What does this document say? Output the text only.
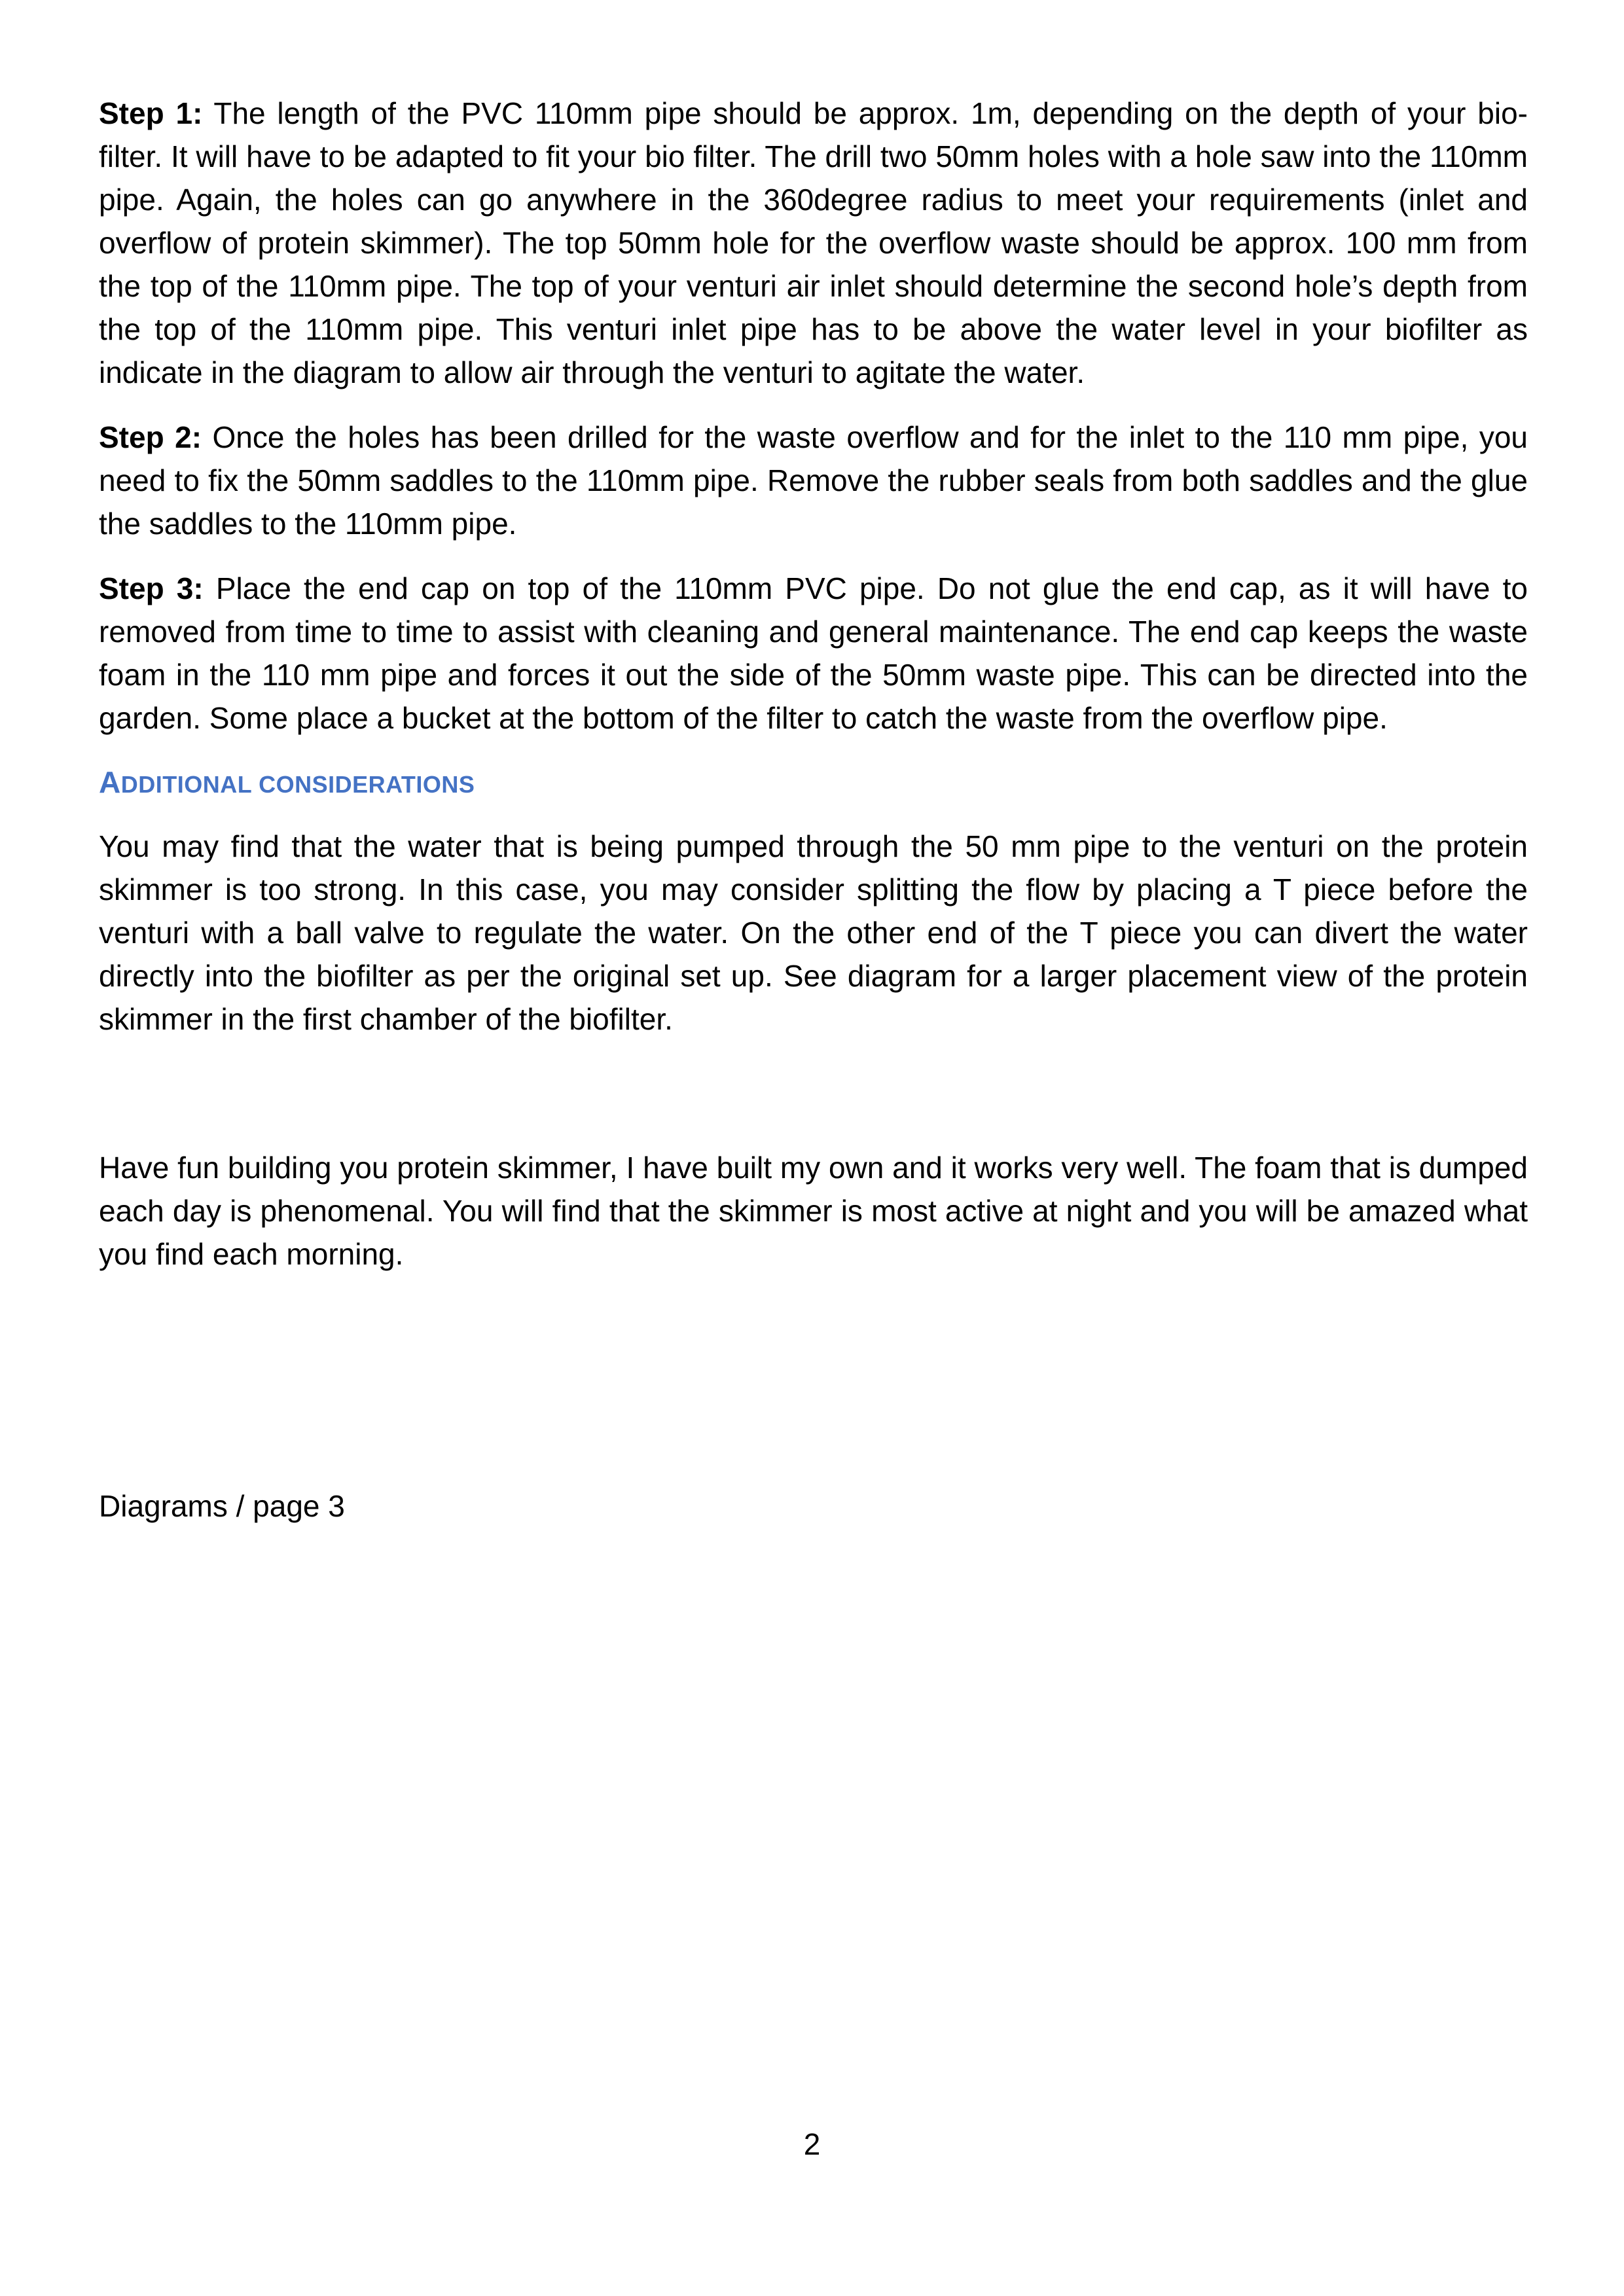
Step 1: The length of the PVC 110mm pipe should be approx. 1m, depending on the depth of your bio-filter. It will have to be adapted to fit your bio filter. The drill two 50mm holes with a hole saw into the 110mm pipe. Again, the holes can go anywhere in the 360degree radius to meet your requirements (inlet and overflow of protein skimmer). The top 50mm hole for the overflow waste should be approx. 100 mm from the top of the 110mm pipe. The top of your venturi air inlet should determine the second hole’s depth from the top of the 110mm pipe. This venturi inlet pipe has to be above the water level in your biofilter as indicate in the diagram to allow air through the venturi to agitate the water.

Step 2: Once the holes has been drilled for the waste overflow and for the inlet to the 110 mm pipe, you need to fix the 50mm saddles to the 110mm pipe. Remove the rubber seals from both saddles and the glue the saddles to the 110mm pipe.

Step 3: Place the end cap on top of the 110mm PVC pipe. Do not glue the end cap, as it will have to removed from time to time to assist with cleaning and general maintenance. The end cap keeps the waste foam in the 110 mm pipe and forces it out the side of the 50mm waste pipe. This can be directed into the garden. Some place a bucket at the bottom of the filter to catch the waste from the overflow pipe.

ADDITIONAL CONSIDERATIONS

You may find that the water that is being pumped through the 50 mm pipe to the venturi on the protein skimmer is too strong. In this case, you may consider splitting the flow by placing a T piece before the venturi with a ball valve to regulate the water. On the other end of the T piece you can divert the water directly into the biofilter as per the original set up. See diagram for a larger placement view of the protein skimmer in the first chamber of the biofilter.

Have fun building you protein skimmer, I have built my own and it works very well. The foam that is dumped each day is phenomenal. You will find that the skimmer is most active at night and you will be amazed what you find each morning.

Diagrams / page 3
2
